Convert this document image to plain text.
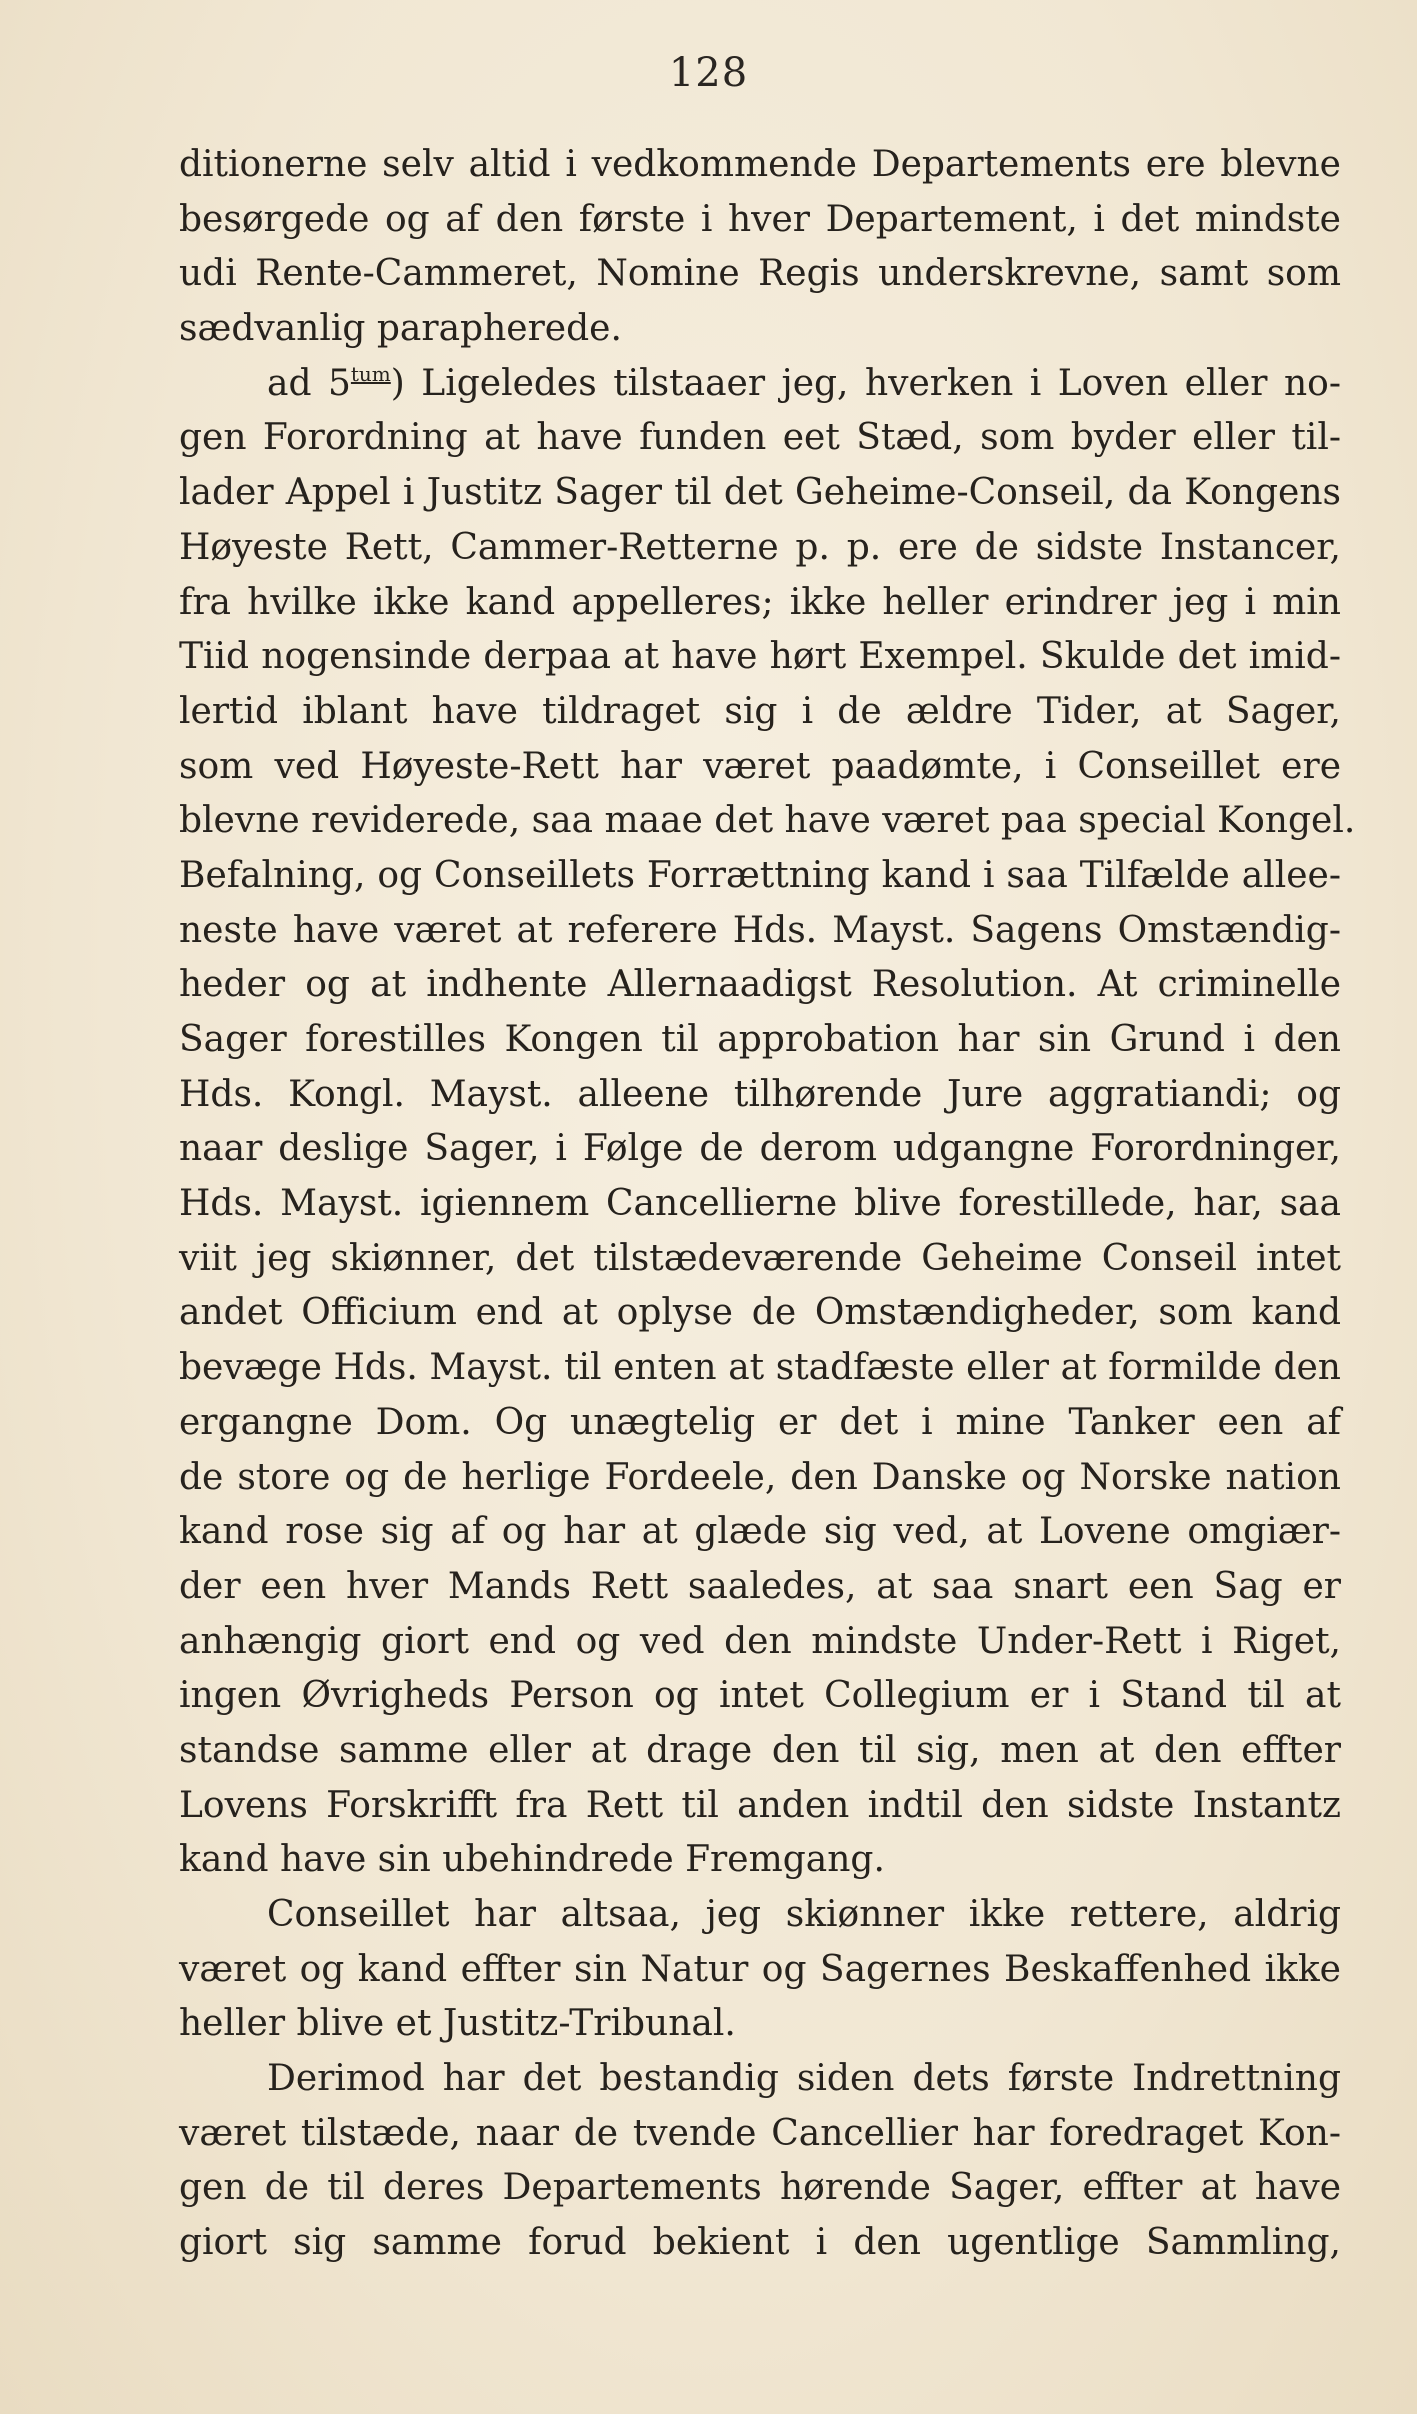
128
ditionerne selv altid i vedkommende Departements ere blevne
besørgede og af den første i hver Departement, i det mindste
udi Rente-Cammeret, Nomine Regis underskrevne, samt som
sædvanlig parapherede.
ad $5^{tum}$) Ligeledes tilstaaer jeg, hverken i Loven eller no-
gen Forordning at have funden eet Stæd, som byder eller til-
lader Appel i Justitz Sager til det Geheime-Conseil, da Kongens
Høyeste Rett, Cammer-Retterne p. p. ere de sidste Instancer,
fra hvilke ikke kand appelleres; ikke heller erindrer jeg i min
Tiid nogensinde derpaa at have hørt Exempel. Skulde det imid-
lertid iblant have tildraget sig i de ældre Tider, at Sager,
som ved Høyeste-Rett har været paadømte, i Conseillet ere
blevne reviderede, saa maae det have været paa special Kongel.
Befalning, og Conseillets Forrættning kand i saa Tilfælde allee-
neste have været at referere Hds. Mayst. Sagens Omstændig-
heder og at indhente Allernaadigst Resolution. At criminelle
Sager forestilles Kongen til approbation har sin Grund i den
Hds. Kongl. Mayst. alleene tilhørende Jure aggratiandi; og
naar deslige Sager, i Følge de derom udgangne Forordninger,
Hds. Mayst. igiennem Cancellierne blive forestillede, har, saa
viit jeg skiønner, det tilstædeværende Geheime Conseil intet
andet Officium end at oplyse de Omstændigheder, som kand
bevæge Hds. Mayst. til enten at stadfæste eller at formilde den
ergangne Dom. Og unægtelig er det i mine Tanker een af
de store og de herlige Fordeele, den Danske og Norske nation
kand rose sig af og har at glæde sig ved, at Lovene omgiær-
der een hver Mands Rett saaledes, at saa snart een Sag er
anhængig giort end og ved den mindste Under-Rett i Riget,
ingen Øvrigheds Person og intet Collegium er i Stand til at
standse samme eller at drage den til sig, men at den effter
Lovens Forskrifft fra Rett til anden indtil den sidste Instantz
kand have sin ubehindrede Fremgang.
Conseillet har altsaa, jeg skiønner ikke rettere, aldrig
været og kand effter sin Natur og Sagernes Beskaffenhed ikke
heller blive et Justitz-Tribunal.
Derimod har det bestandig siden dets første Indrettning
været tilstæde, naar de tvende Cancellier har foredraget Kon-
gen de til deres Departements hørende Sager, effter at have
giort sig samme forud bekient i den ugentlige Sammling,
